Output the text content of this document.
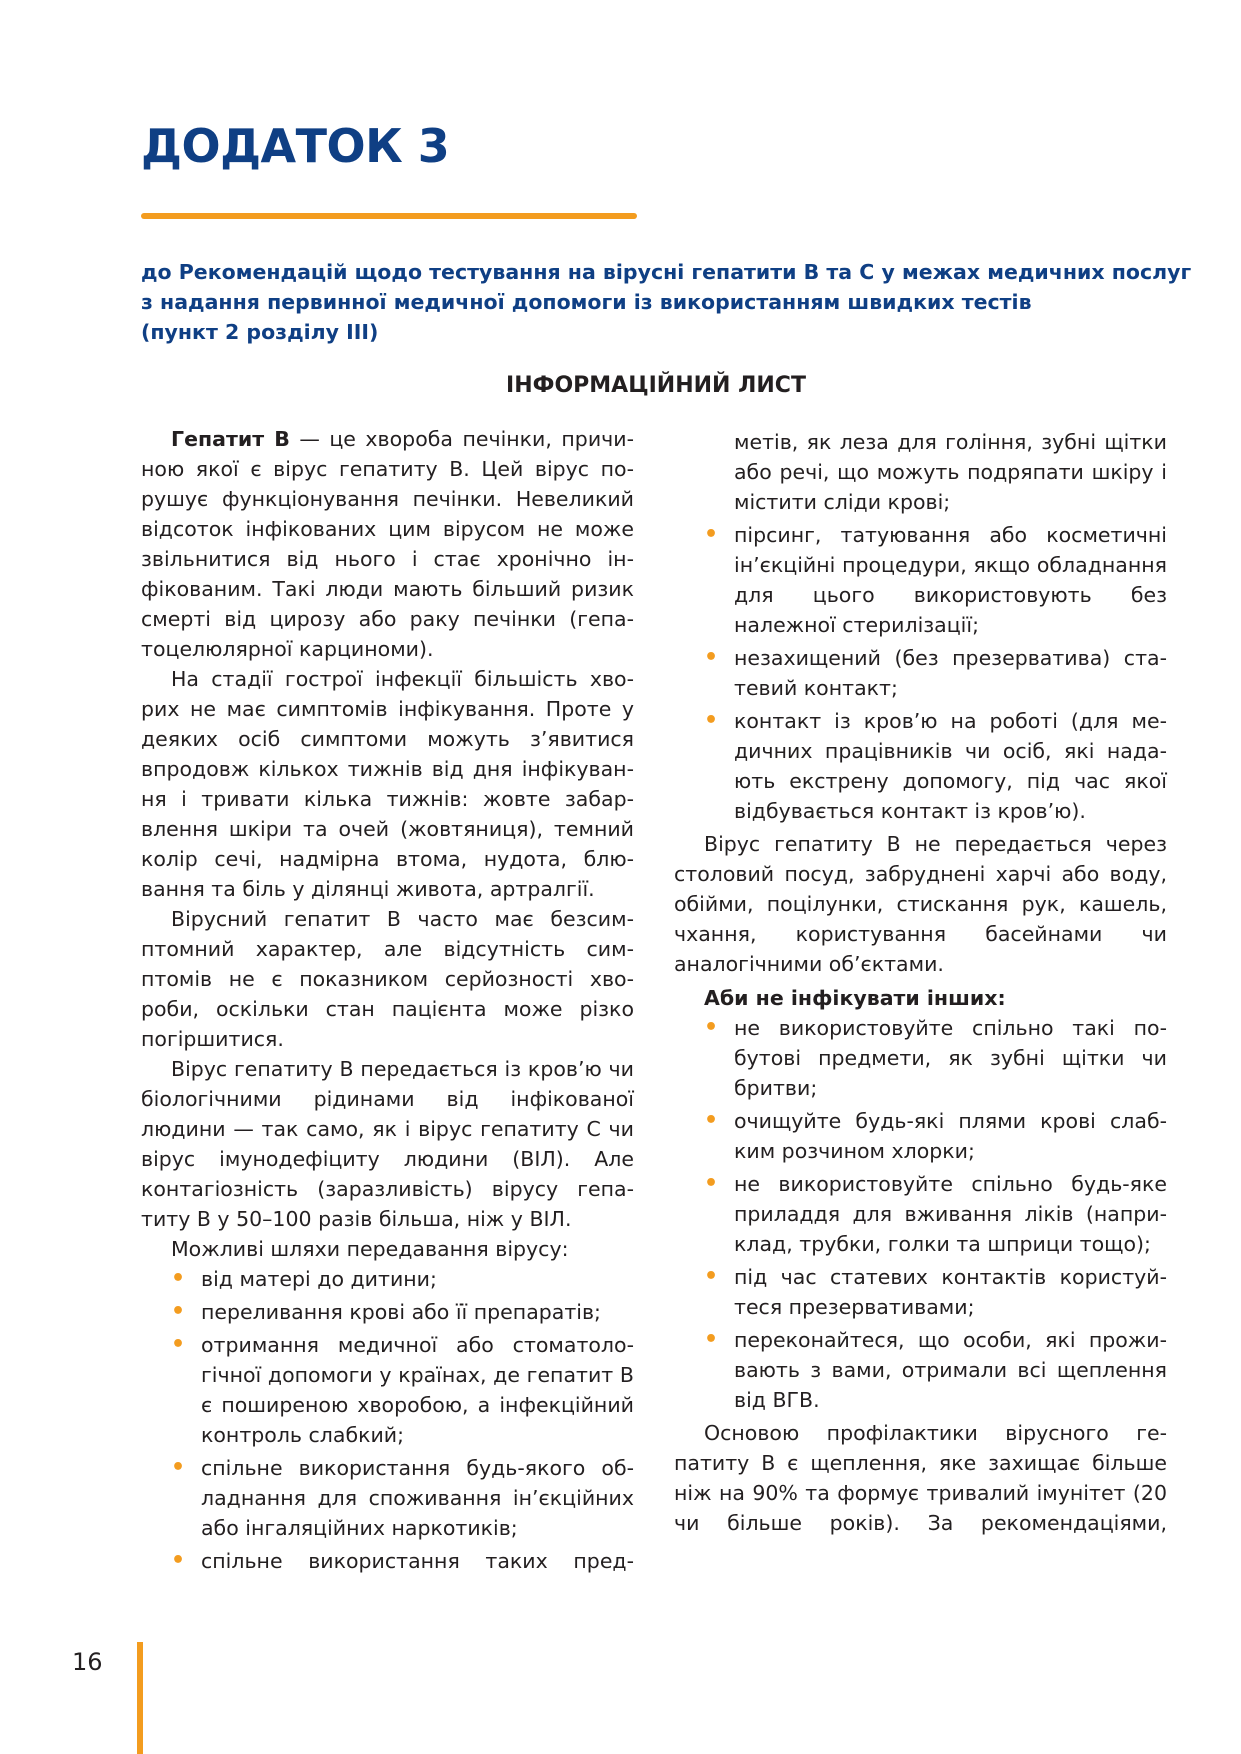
ДОДАТОК 3
до Рекомендацій щодо тестування на вірусні гепатити В та С у межах медичних послуг
з надання первинної медичної допомоги із використанням швидких тестів
(пункт 2 розділу III)
ІНФОРМАЦІЙНИЙ ЛИСТ

Гепатит В — це хвороба печінки, причиною якої є вірус гепатиту В. Цей вірус порушує функціонування печінки. Невеликий відсоток інфікованих цим вірусом не може звільнитися від нього і стає хронічно інфікованим. Такі люди мають більший ризик смерті від цирозу або раку печінки (гепатоцелюлярної карциноми).

На стадії гострої інфекції більшість хворих не має симптомів інфікування. Проте у деяких осіб симптоми можуть з’явитися впродовж кількох тижнів від дня інфікування і тривати кілька тижнів: жовте забарвлення шкіри та очей (жовтяниця), темний колір сечі, надмірна втома, нудота, блювання та біль у ділянці живота, артралгії.

Вірусний гепатит В часто має безсимптомний характер, але відсутність симптомів не є показником серйозності хвороби, оскільки стан пацієнта може різко погіршитися.

Вірус гепатиту В передається із кров’ю чи біологічними рідинами від інфікованої людини — так само, як і вірус гепатиту С чи вірус імунодефіциту людини (ВІЛ). Але контагіозність (заразливість) вірусу гепатиту В у 50–100 разів більша, ніж у ВІЛ.

Можливі шляхи передавання вірусу:

• від матері до дитини;
• переливання крові або її препаратів;
• отримання медичної або стоматологічної допомоги у країнах, де гепатит В є поширеною хворобою, а інфекційний контроль слабкий;
• спільне використання будь-якого обладнання для споживання ін’єкційних або інгаляційних наркотиків;
• спільне використання таких пред-
метів, як леза для гоління, зубні щітки або речі, що можуть подряпати шкіру і містити сліди крові;
• пірсинг, татуювання або косметичні ін’єкційні процедури, якщо обладнання для цього використовують без належної стерилізації;
• незахищений (без презерватива) статевий контакт;
• контакт із кров’ю на роботі (для медичних працівників чи осіб, які надають екстрену допомогу, під час якої відбувається контакт із кров’ю).

Вірус гепатиту В не передається через столовий посуд, забруднені харчі або воду, обійми, поцілунки, стискання рук, кашель, чхання, користування басейнами чи аналогічними об’єктами.

Аби не інфікувати інших:
• не використовуйте спільно такі побутові предмети, як зубні щітки чи бритви;
• очищуйте будь-які плями крові слабким розчином хлорки;
• не використовуйте спільно будь-яке приладдя для вживання ліків (наприклад, трубки, голки та шприци тощо);
• під час статевих контактів користуйтеся презервативами;
• переконайтеся, що особи, які проживають з вами, отримали всі щеплення від ВГВ.

Основою профілактики вірусного гепатиту В є щеплення, яке захищає більше ніж на 90% та формує тривалий імунітет (20 чи більше років). За рекомендаціями,

16
